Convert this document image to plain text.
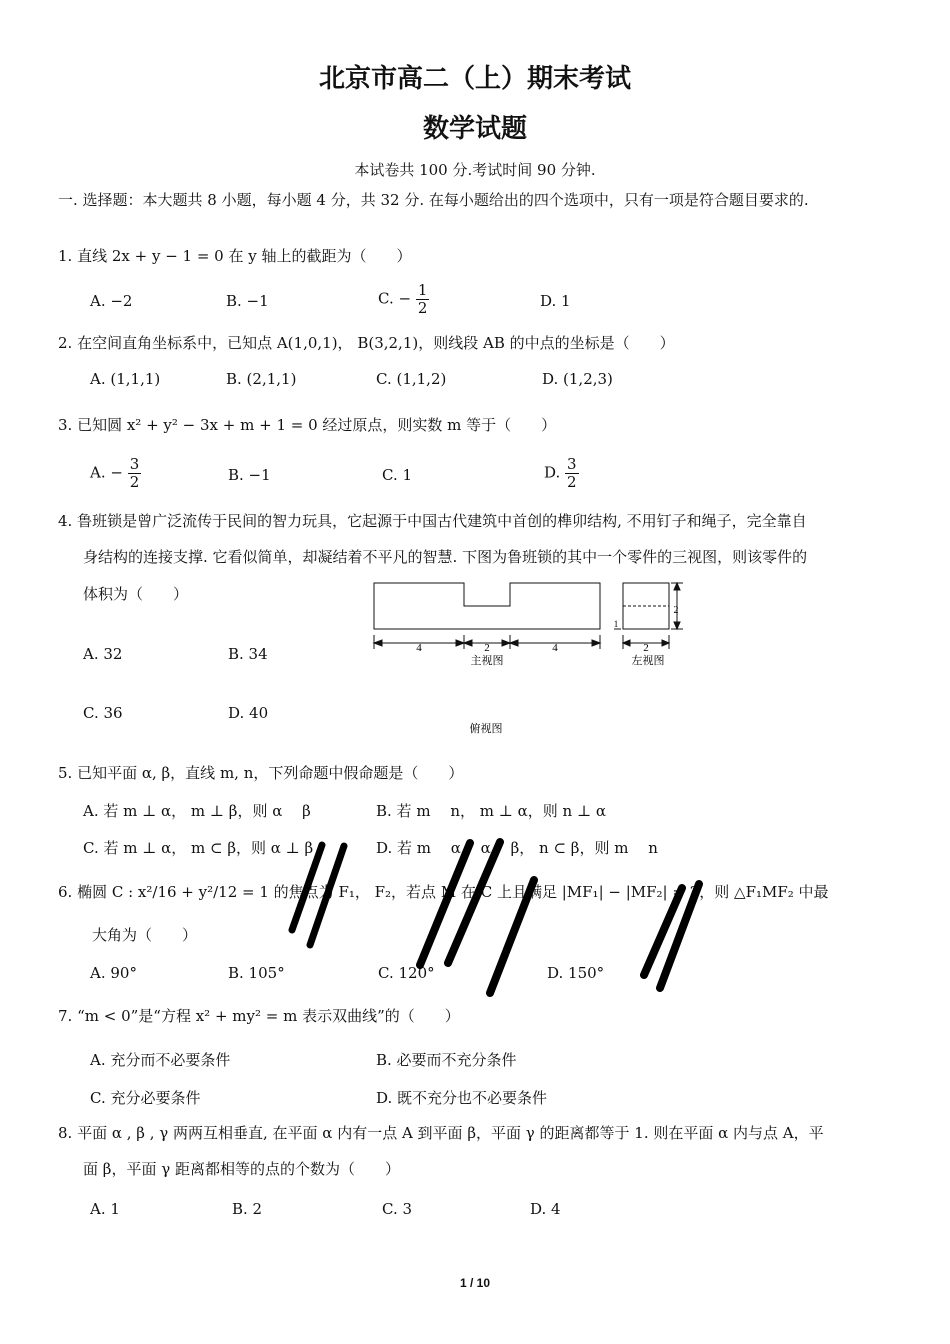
北京市高二（上）期末考试
数学试题
本试卷共 100 分.考试时间 90 分钟.
一. 选择题：本大题共 8 小题，每小题 4 分，共 32 分. 在每小题给出的四个选项中，只有一项是符合题目要求的.
1. 直线 2x + y − 1 = 0 在 y 轴上的截距为（　　）
A. −2	B. −1	C. − $\frac{1}{2}$	D. 1
2. 在空间直角坐标系中，已知点 A(1,0,1)， B(3,2,1)，则线段 AB 的中点的坐标是（　　）
A. (1,1,1)	B. (2,1,1)	C. (1,1,2)	D. (1,2,3)
3. 已知圆 x² + y² − 3x + m + 1 = 0 经过原点，则实数 m 等于（　　）
A. − $\frac{3}{2}$	B. −1	C. 1	D. $\frac{3}{2}$
4. 鲁班锁是曾广泛流传于民间的智力玩具，它起源于中国古代建筑中首创的榫卯结构, 不用钉子和绳子，完全靠自
身结构的连接支撑. 它看似简单，却凝结着不平凡的智慧. 下图为鲁班锁的其中一个零件的三视图，则该零件的
体积为（　　）
A. 32	B. 34
C. 36	D. 40
4	2	4
主视图
2
2
1
左视图
俯视图
5. 已知平面 α, β，直线 m, n，下列命题中假命题是（　　）
A. 若 m ⊥ α， m ⊥ β，则 α　 β	B. 若 m　 n， m ⊥ α，则 n ⊥ α
C. 若 m ⊥ α， m ⊂ β，则 α ⊥ β	D. 若 m　 α， α　 β， n ⊂ β，则 m　 n
6. 椭圆 C : x²/16 + y²/12 = 1 的焦点为 F₁， F₂，若点 M 在 C 上且满足 |MF₁| − |MF₂| = 2，则 △F₁MF₂ 中最
大角为（　　）
A. 90°	B. 105°	C. 120°	D. 150°
7. “m < 0”是“方程 x² + my² = m 表示双曲线”的（　　）
A. 充分而不必要条件	B. 必要而不充分条件
C. 充分必要条件	D. 既不充分也不必要条件
8. 平面 α , β , γ 两两互相垂直, 在平面 α 内有一点 A 到平面 β，平面 γ 的距离都等于 1. 则在平面 α 内与点 A，平
面 β，平面 γ 距离都相等的点的个数为（　　）
A. 1	B. 2	C. 3	D. 4
1 / 10
